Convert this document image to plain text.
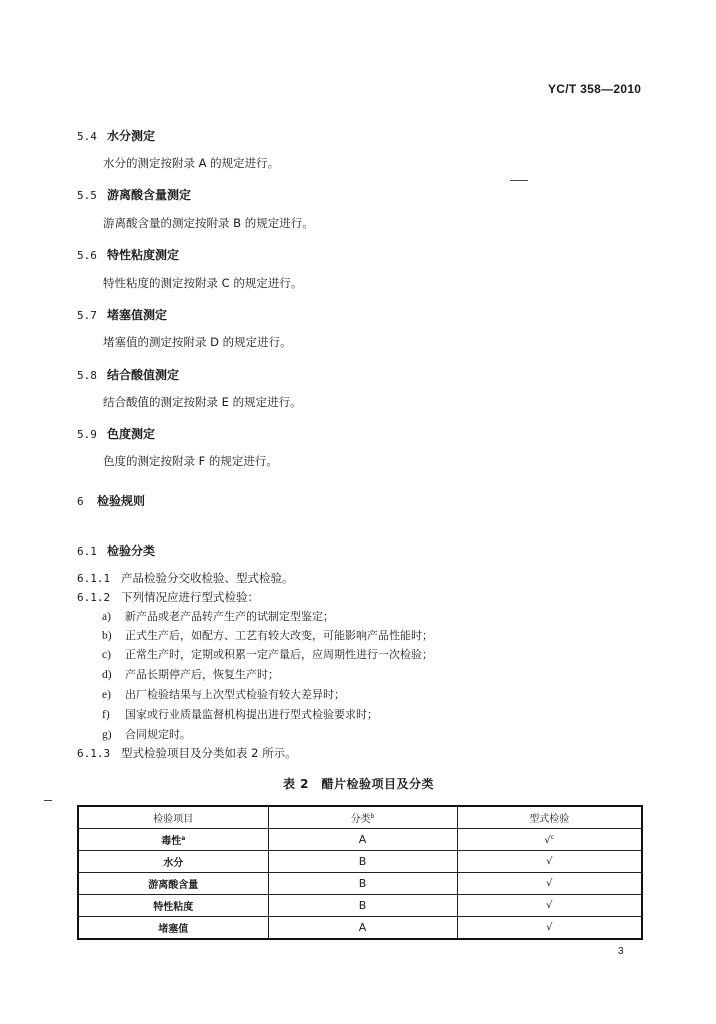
YC/T 358—2010
5.4 水分测定
水分的测定按附录 A 的规定进行。
5.5 游离酸含量测定
游离酸含量的测定按附录 B 的规定进行。
5.6 特性粘度测定
特性粘度的测定按附录 C 的规定进行。
5.7 堵塞值测定
堵塞值的测定按附录 D 的规定进行。
5.8 结合酸值测定
结合酸值的测定按附录 E 的规定进行。
5.9 色度测定
色度的测定按附录 F 的规定进行。
6 检验规则
6.1 检验分类
6.1.1 产品检验分交收检验、型式检验。
6.1.2 下列情况应进行型式检验：
a) 新产品或老产品转产生产的试制定型鉴定；
b) 正式生产后，如配方、工艺有较大改变，可能影响产品性能时；
c) 正常生产时，定期或积累一定产量后，应周期性进行一次检验；
d) 产品长期停产后，恢复生产时；
e) 出厂检验结果与上次型式检验有较大差异时；
f) 国家或行业质量监督机构提出进行型式检验要求时；
g) 合同规定时。
6.1.3 型式检验项目及分类如表 2 所示。
表 2　醋片检验项目及分类
检验项目	分类$^b$	型式检验
毒性$^a$	A	√$^c$
水分	B	√
游离酸含量	B	√
特性粘度	B	√
堵塞值	A	√
3
